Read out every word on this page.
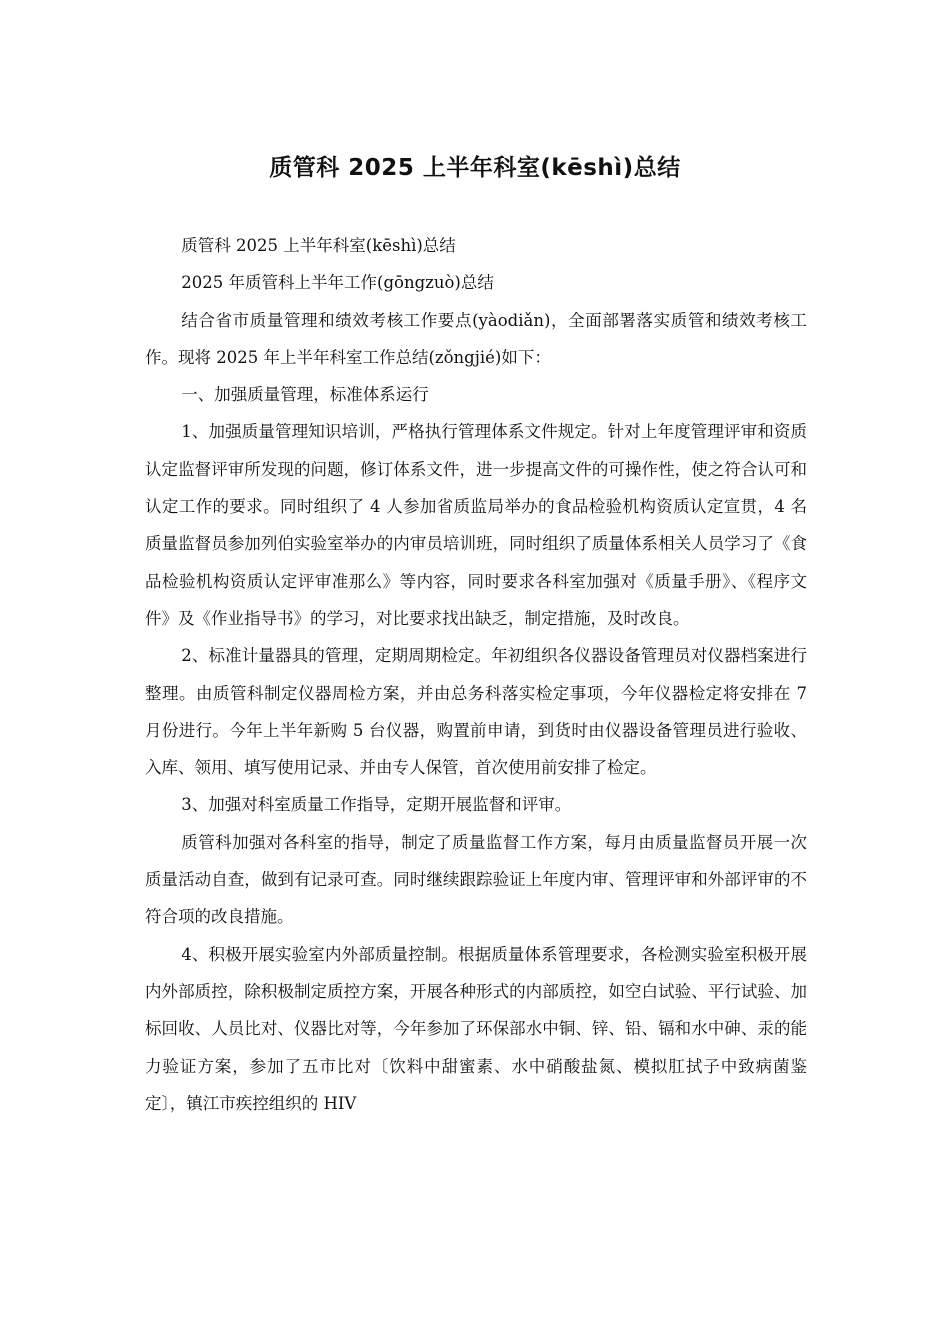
质管科 2025 上半年科室(kēshì)总结

质管科 2025 上半年科室(kēshì)总结

2025 年质管科上半年工作(gōngzuò)总结

结合省市质量管理和绩效考核工作要点(yàodiǎn)，全面部署落实质管和绩效考核工作。现将 2025 年上半年科室工作总结(zǒngjié)如下：

一、加强质量管理，标准体系运行

1、加强质量管理知识培训，严格执行管理体系文件规定。针对上年度管理评审和资质认定监督评审所发现的问题，修订体系文件，进一步提高文件的可操作性，使之符合认可和认定工作的要求。同时组织了 4 人参加省质监局举办的食品检验机构资质认定宣贯，4 名质量监督员参加列伯实验室举办的内审员培训班，同时组织了质量体系相关人员学习了《食品检验机构资质认定评审准那么》等内容，同时要求各科室加强对《质量手册》、《程序文件》及《作业指导书》的学习，对比要求找出缺乏，制定措施，及时改良。

2、标准计量器具的管理，定期周期检定。年初组织各仪器设备管理员对仪器档案进行整理。由质管科制定仪器周检方案，并由总务科落实检定事项，今年仪器检定将安排在 7 月份进行。今年上半年新购 5 台仪器，购置前申请，到货时由仪器设备管理员进行验收、入库、领用、填写使用记录、并由专人保管，首次使用前安排了检定。

3、加强对科室质量工作指导，定期开展监督和评审。

质管科加强对各科室的指导，制定了质量监督工作方案，每月由质量监督员开展一次质量活动自查，做到有记录可查。同时继续跟踪验证上年度内审、管理评审和外部评审的不符合项的改良措施。

4、积极开展实验室内外部质量控制。根据质量体系管理要求，各检测实验室积极开展内外部质控，除积极制定质控方案，开展各种形式的内部质控，如空白试验、平行试验、加标回收、人员比对、仪器比对等，今年参加了环保部水中铜、锌、铅、镉和水中砷、汞的能力验证方案，参加了五市比对〔饮料中甜蜜素、水中硝酸盐氮、模拟肛拭子中致病菌鉴定〕，镇江市疾控组织的 HIV
